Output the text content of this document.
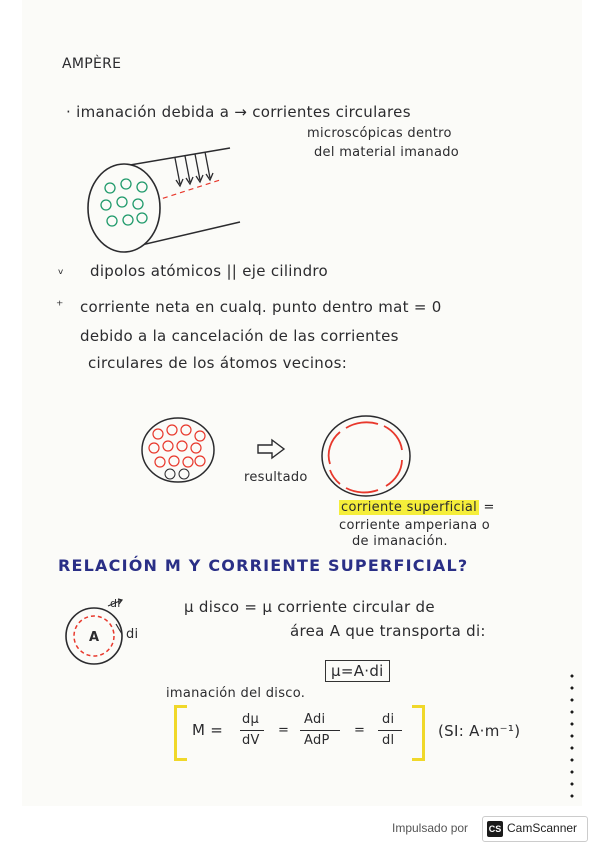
AMPÈRE
· imanación debida a → corrientes circulares
microscópicas dentro
del material imanado
ᵥ dipolos atómicos || eje cilindro
⁺ corriente neta en cualq. punto dentro mat = 0
debido a la cancelación de las corrientes
circulares de los átomos vecinos:
resultado
corriente superficial =
corriente amperiana o
de imanación.
RELACIÓN M Y CORRIENTE SUPERFICIAL?
A
dl
di
μ disco = μ corriente circular de
área A que transporta di:
μ=A·di
imanación del disco.
M =
dμ
dV
=
Adi
AdP
=
di
dl
(SI: A·m⁻¹)
Impulsado por CS CamScanner
